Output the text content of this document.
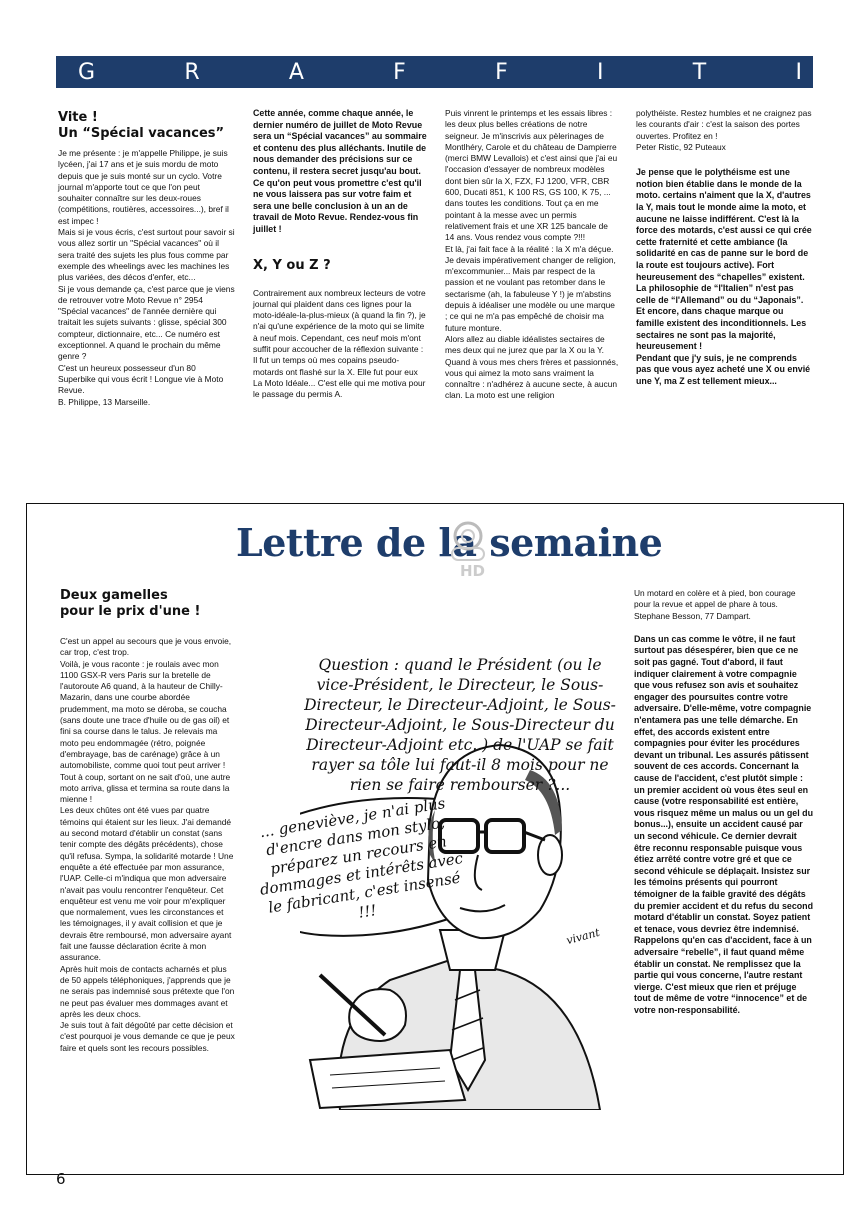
G	R	A	F	F	I	T	I
Vite !
Un “Spécial vacances”

Je me présente : je m'appelle Philippe, je suis lycéen, j'ai 17 ans et je suis mordu de moto depuis que je suis monté sur un cyclo. Votre journal m'apporte tout ce que l'on peut souhaiter connaître sur les deux-roues (compétitions, routières, accessoires...), bref il est impec !

Mais si je vous écris, c'est surtout pour savoir si vous allez sortir un "Spécial vacances" où il sera traité des sujets les plus fous comme par exemple des wheelings avec les machines les plus variées, des décos d'enfer, etc...

Si je vous demande ça, c'est parce que je viens de retrouver votre Moto Revue n° 2954 "Spécial vacances" de l'année dernière qui traitait les sujets suivants : glisse, spécial 300 compteur, dictionnaire, etc... Ce numéro est exceptionnel. A quand le prochain du même genre ?

C'est un heureux possesseur d'un 80 Superbike qui vous écrit ! Longue vie à Moto Revue.

B. Philippe, 13 Marseille.

Cette année, comme chaque année, le dernier numéro de juillet de Moto Revue sera un “Spécial vacances” au sommaire et contenu des plus alléchants. Inutile de nous demander des précisions sur ce contenu, il restera secret jusqu'au bout. Ce qu'on peut vous promettre c'est qu'il ne vous laissera pas sur votre faim et sera une belle conclusion à un an de travail de Moto Revue. Rendez-vous fin juillet !

X, Y ou Z ?

Contrairement aux nombreux lecteurs de votre journal qui plaident dans ces lignes pour la moto-idéale-la-plus-mieux (à quand la fin ?), je n'ai qu'une expérience de la moto qui se limite à neuf mois. Cependant, ces neuf mois m'ont suffit pour accoucher de la réflexion suivante :

Il fut un temps où mes copains pseudo-motards ont flashé sur la X. Elle fut pour eux La Moto Idéale... C'est elle qui me motiva pour le passage du permis A.

Puis vinrent le printemps et les essais libres : les deux plus belles créations de notre seigneur. Je m'inscrivis aux pèlerinages de Montlhéry, Carole et du château de Dampierre (merci BMW Levallois) et c'est ainsi que j'ai eu l'occasion d'essayer de nombreux modèles dont bien sûr la X, FZX, FJ 1200, VFR, CBR 600, Ducati 851, K 100 RS, GS 100, K 75, ... dans toutes les conditions. Tout ça en me pointant à la messe avec un permis relativement frais et une XR 125 bancale de 14 ans. Vous rendez vous compte ?!!!

Et là, j'ai fait face à la réalité : la X m'a déçue. Je devais impérativement changer de religion, m'excommunier... Mais par respect de la passion et ne voulant pas retomber dans le sectarisme (ah, la fabuleuse Y !) je m'abstins depuis à idéaliser une modèle ou une marque ; ce qui ne m'a pas empêché de choisir ma future monture.

Alors allez au diable idéalistes sectaires de mes deux qui ne jurez que par la X ou la Y. Quand à vous mes chers frères et passionnés, vous qui aimez la moto sans vraiment la connaître : n'adhérez à aucune secte, à aucun clan. La moto est une religion

polythéiste. Restez humbles et ne craignez pas les courants d'air : c'est la saison des portes ouvertes. Profitez en !

Peter Ristic, 92 Puteaux

Je pense que le polythéisme est une notion bien établie dans le monde de la moto. certains n'aiment que la X, d'autres la Y, mais tout le monde aime la moto, et aucune ne laisse indifférent. C'est là la force des motards, c'est aussi ce qui crée cette fraternité et cette ambiance (la solidarité en cas de panne sur le bord de la route est toujours active). Fort heureusement des “chapelles” existent. La philosophie de “l'Italien” n'est pas celle de “l'Allemand” ou du “Japonais”. Et encore, dans chaque marque ou famille existent des inconditionnels. Les sectaires ne sont pas la majorité, heureusement !

Pendant que j'y suis, je ne comprends pas que vous ayez acheté une X ou envié une Y, ma Z est tellement mieux...

Lettre de la semaine
HD
Deux gamelles
pour le prix d'une !

C'est un appel au secours que je vous envoie, car trop, c'est trop.

Voilà, je vous raconte : je roulais avec mon 1100 GSX-R vers Paris sur la bretelle de l'autoroute A6 quand, à la hauteur de Chilly-Mazarin, dans une courbe abordée prudemment, ma moto se déroba, se coucha (sans doute une trace d'huile ou de gas oil) et fini sa course dans le talus. Je relevais ma moto peu endommagée (rétro, poignée d'embrayage, bas de carénage) grâce à un automobiliste, comme quoi tout peut arriver !

Tout à coup, sortant on ne sait d'où, une autre moto arriva, glissa et termina sa route dans la mienne !

Les deux chûtes ont été vues par quatre témoins qui étaient sur les lieux. J'ai demandé au second motard d'établir un constat (sans tenir compte des dégâts précédents), chose qu'il refusa. Sympa, la solidarité motarde ! Une enquête a été effectuée par mon assurance, l'UAP. Celle-ci m'indiqua que mon adversaire n'avait pas voulu rencontrer l'enquêteur. Cet enquêteur est venu me voir pour m'expliquer que normalement, vues les circonstances et les témoignages, il y avait collision et que je devrais être remboursé, mon adversaire ayant fait une fausse déclaration écrite à mon assurance.

Après huit mois de contacts acharnés et plus de 50 appels téléphoniques, j'apprends que je ne serais pas indemnisé sous prétexte que l'on ne peut pas évaluer mes dommages avant et après les deux chocs.

Je suis tout à fait dégoûté par cette décision et c'est pourquoi je vous demande ce que je peux faire et quels sont les recours possibles.

Question : quand le Président (ou le vice-Président, le Directeur, le Sous-Directeur, le Directeur-Adjoint, le Sous-Directeur-Adjoint, le Sous-Directeur du Directeur-Adjoint etc..) de l'UAP se fait rayer sa tôle lui faut-il 8 mois pour ne rien se faire rembourser ?...
... geneviève, je n'ai plus d'encre dans mon stylo, préparez un recours en dommages et intérêts avec le fabricant, c'est insensé !!!
vivant

Un motard en colère et à pied, bon courage pour la revue et appel de phare à tous.

Stephane Besson, 77 Dampart.

Dans un cas comme le vôtre, il ne faut surtout pas désespérer, bien que ce ne soit pas gagné. Tout d'abord, il faut indiquer clairement à votre compagnie que vous refusez son avis et souhaitez engager des poursuites contre votre adversaire. D'elle-même, votre compagnie n'entamera pas une telle démarche. En effet, des accords existent entre compagnies pour éviter les procédures devant un tribunal. Les assurés pâtissent souvent de ces accords. Concernant la cause de l'accident, c'est plutôt simple : un premier accident où vous êtes seul en cause (votre responsabilité est entière, vous risquez même un malus ou un gel du bonus...), ensuite un accident causé par un second véhicule. Ce dernier devrait être reconnu responsable puisque vous étiez arrêté contre votre gré et que ce second véhicule se déplaçait. Insistez sur les témoins présents qui pourront témoigner de la faible gravité des dégâts du premier accident et du refus du second motard d'établir un constat. Soyez patient et tenace, vous devriez être indemnisé. Rappelons qu'en cas d'accident, face à un adversaire “rebelle”, il faut quand même établir un constat. Ne remplissez que la partie qui vous concerne, l'autre restant vierge. C'est mieux que rien et préjuge tout de même de votre “innocence” et de votre non-responsabilité.

6
